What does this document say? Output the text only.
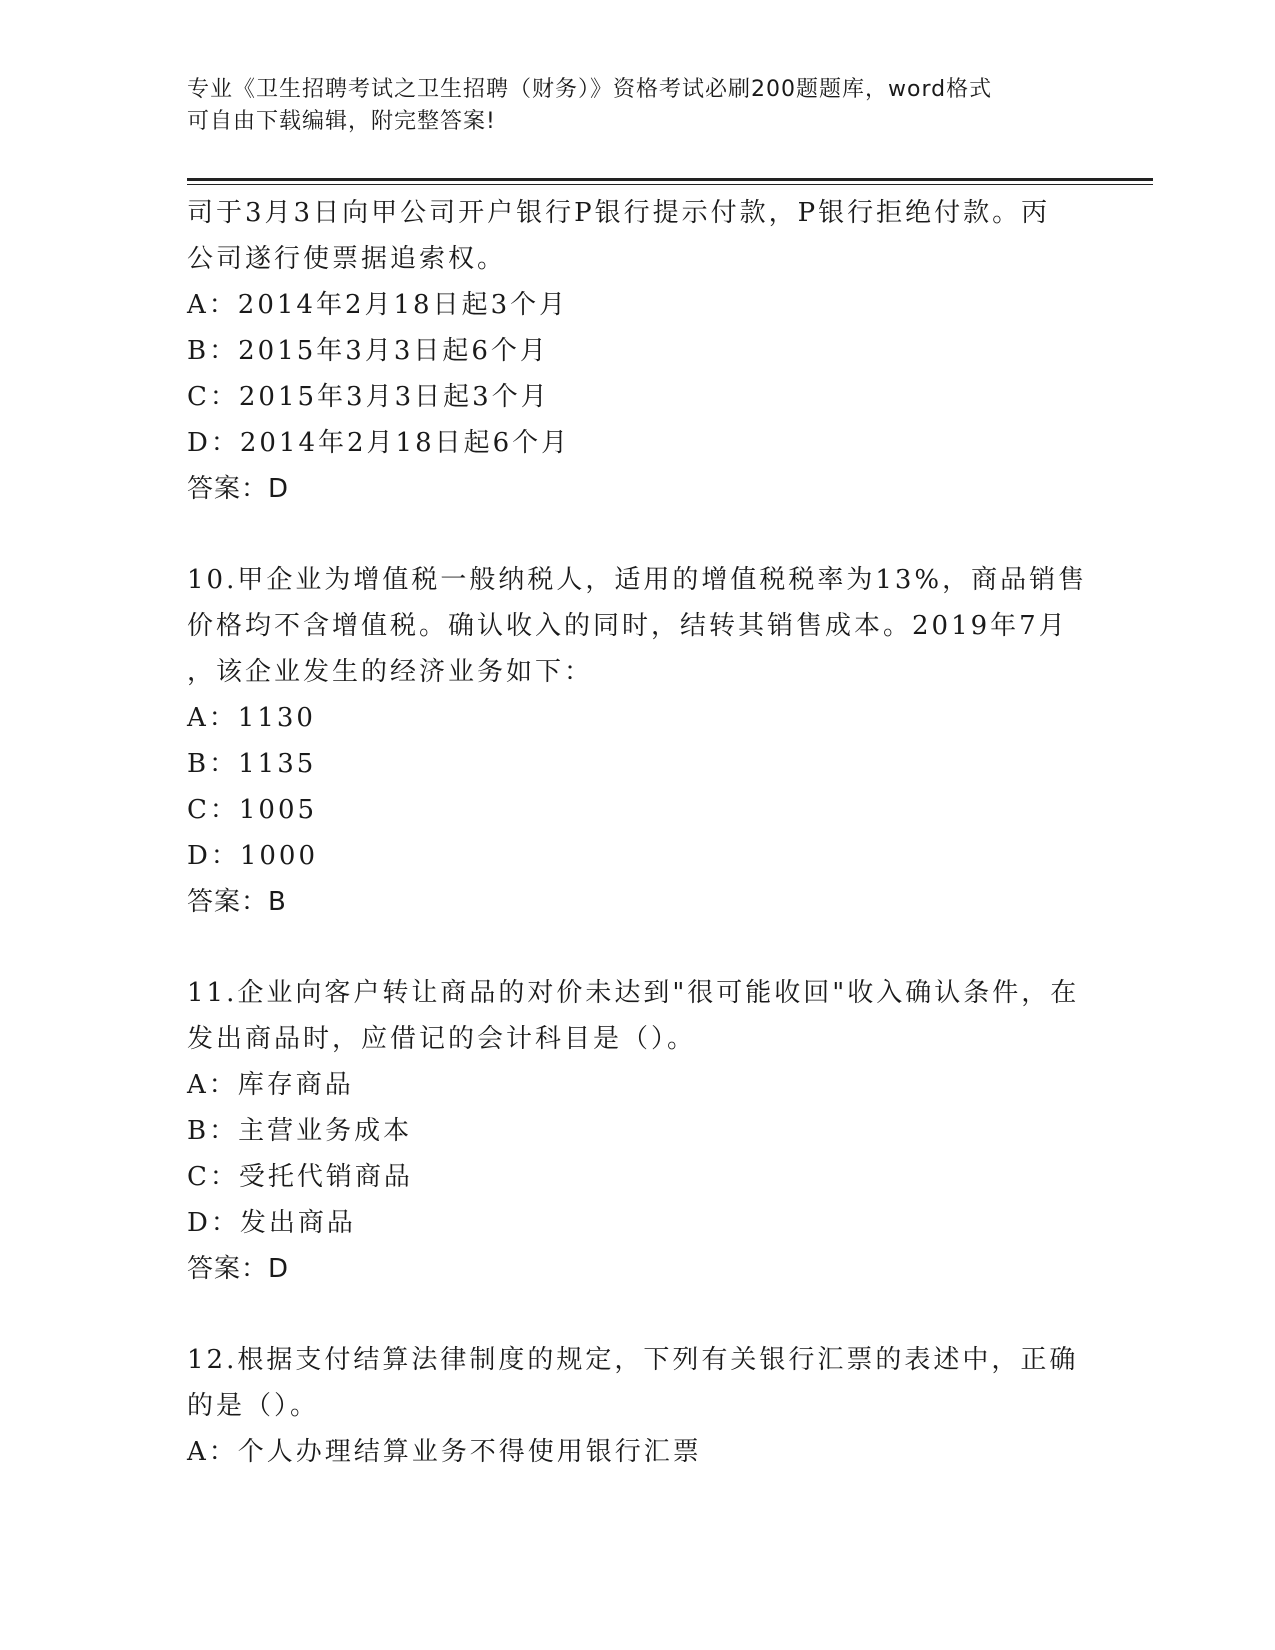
专业《卫生招聘考试之卫生招聘（财务）》资格考试必刷200题题库，word格式
可自由下载编辑，附完整答案!
司于3月3日向甲公司开户银行P银行提示付款，P银行拒绝付款。丙
公司遂行使票据追索权。
A：2014年2月18日起3个月
B：2015年3月3日起6个月
C：2015年3月3日起3个月
D：2014年2月18日起6个月
答案：D
10.甲企业为增值税一般纳税人，适用的增值税税率为13%，商品销售
价格均不含增值税。确认收入的同时，结转其销售成本。2019年7月
，该企业发生的经济业务如下：
A：1130
B：1135
C：1005
D：1000
答案：B
11.企业向客户转让商品的对价未达到"很可能收回"收入确认条件，在
发出商品时，应借记的会计科目是（）。
A：库存商品
B：主营业务成本
C：受托代销商品
D：发出商品
答案：D
12.根据支付结算法律制度的规定，下列有关银行汇票的表述中，正确
的是（）。
A：个人办理结算业务不得使用银行汇票
